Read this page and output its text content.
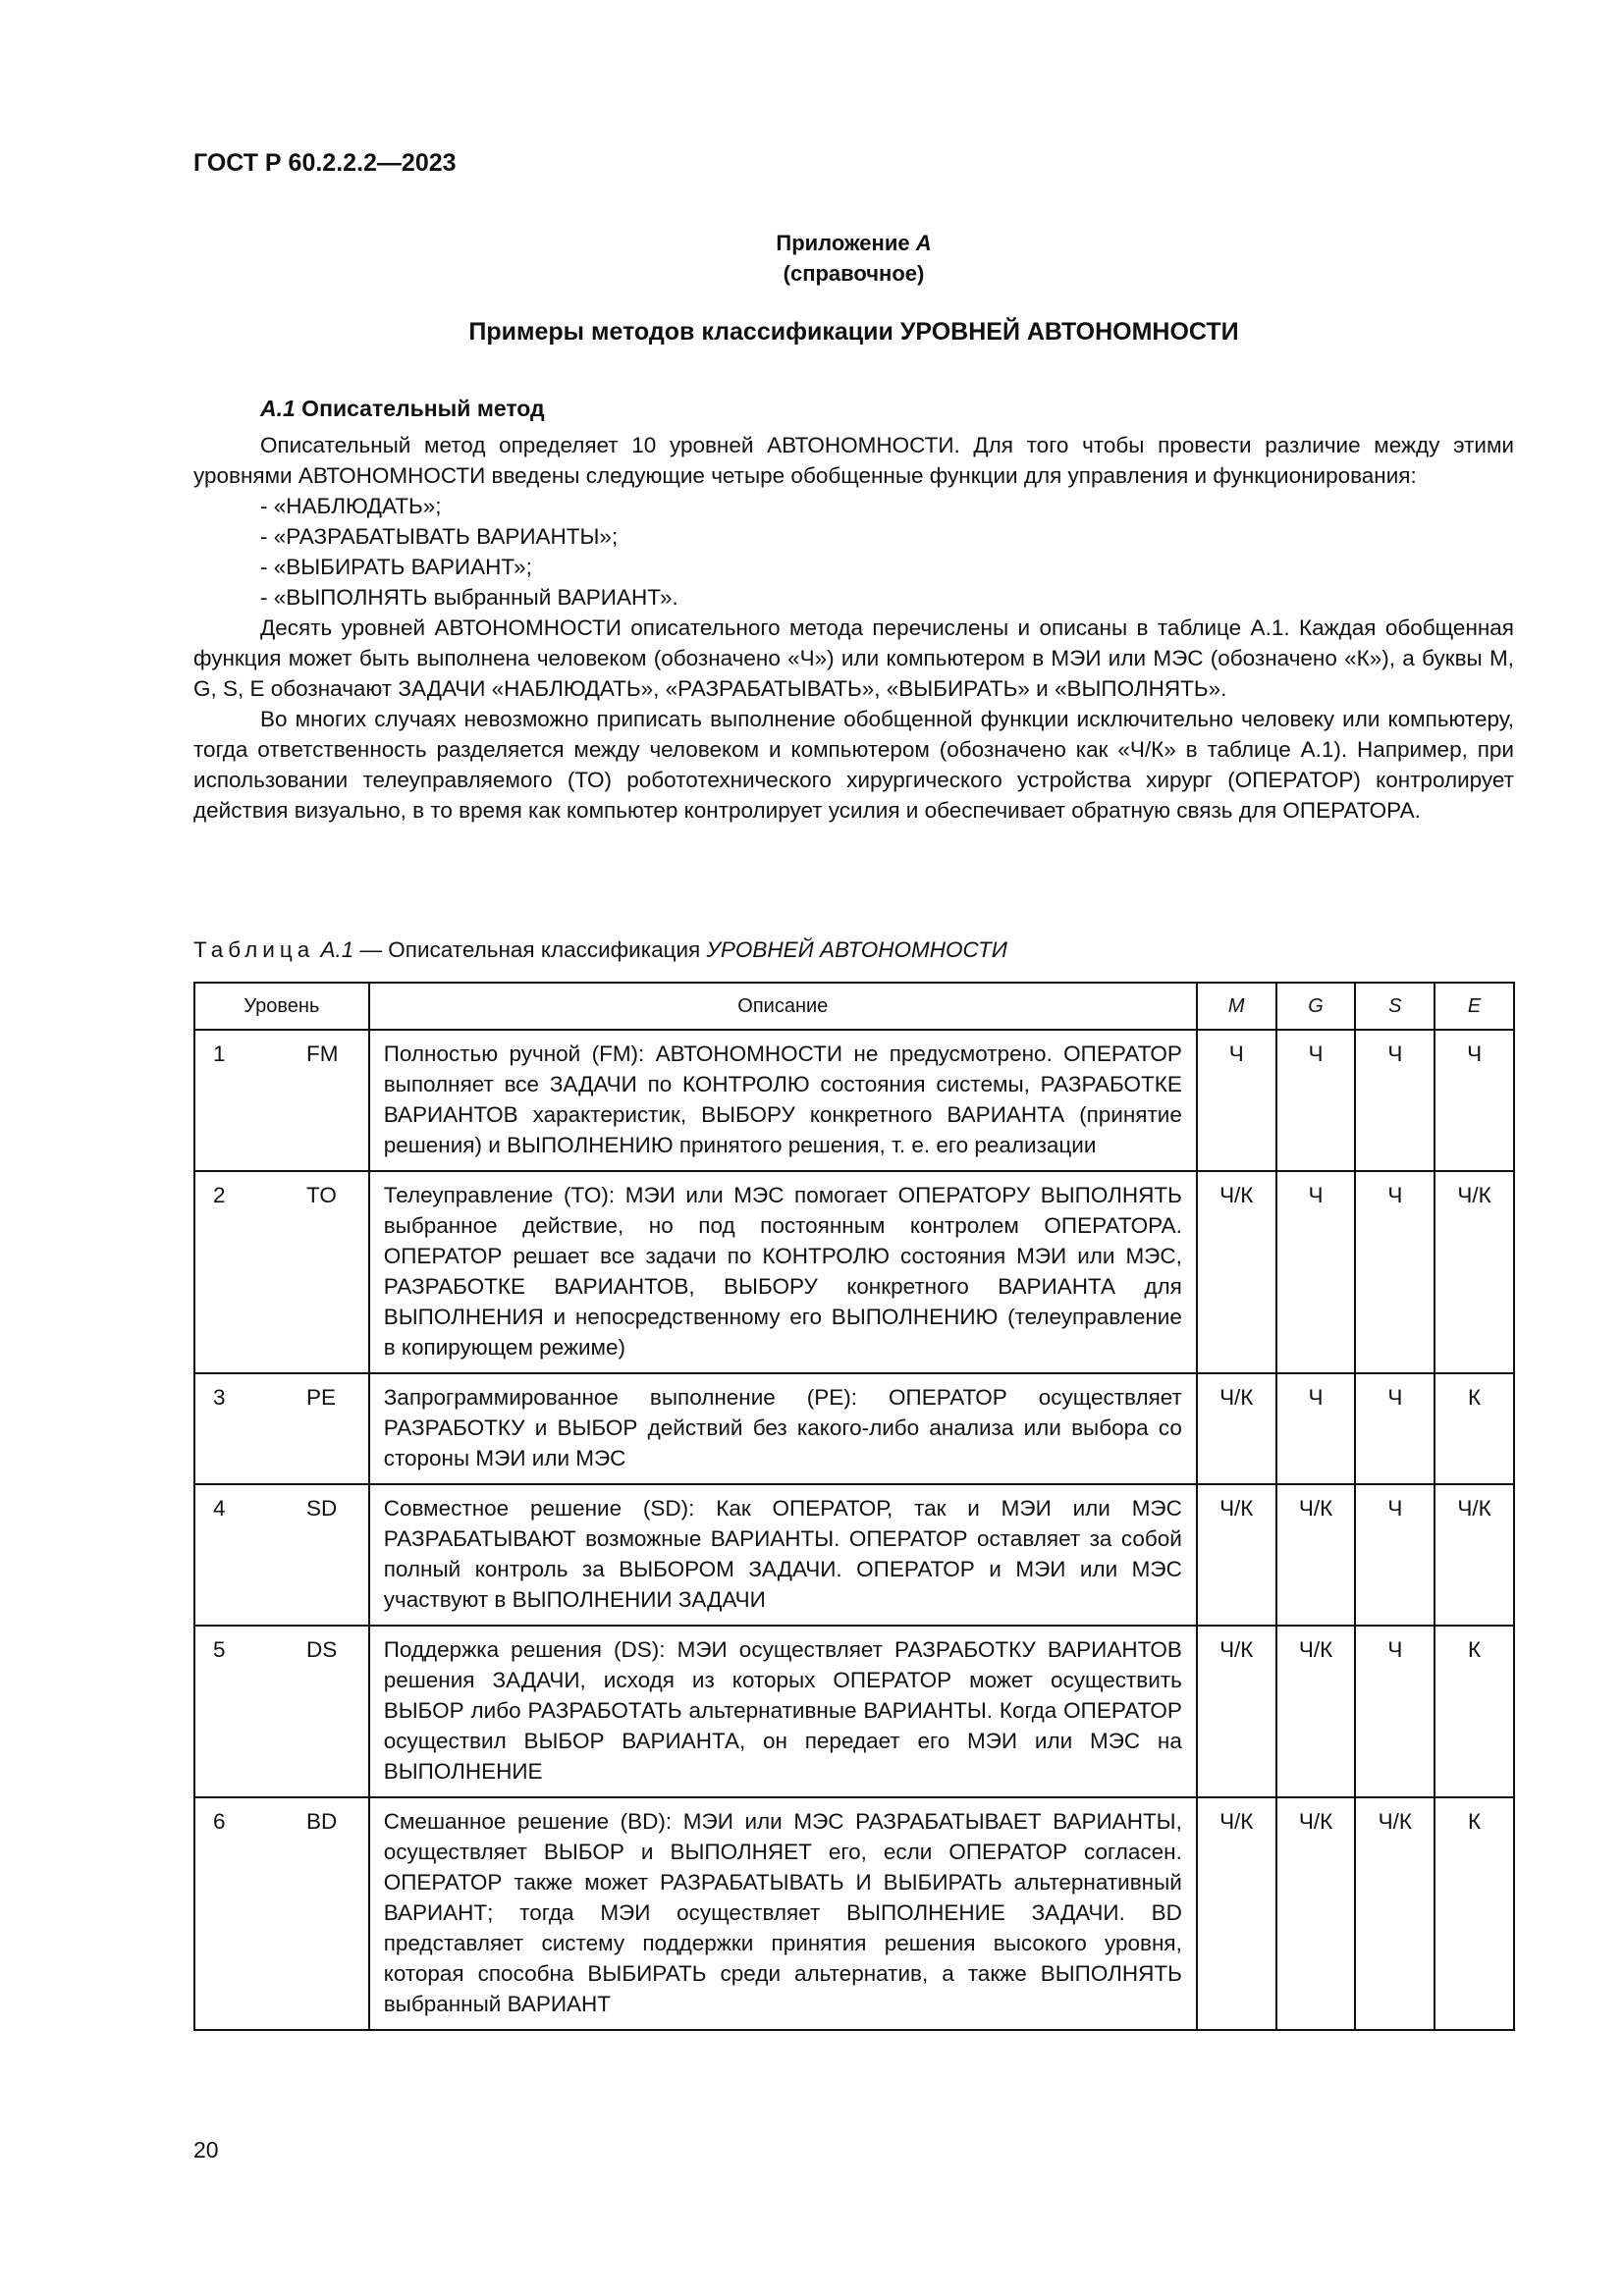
ГОСТ Р 60.2.2.2—2023
Приложение А
(справочное)
Примеры методов классификации УРОВНЕЙ АВТОНОМНОСТИ
А.1 Описательный метод

Описательный метод определяет 10 уровней АВТОНОМНОСТИ. Для того чтобы провести различие между этими уровнями АВТОНОМНОСТИ введены следующие четыре обобщенные функции для управления и функционирования:

- «НАБЛЮДАТЬ»;
- «РАЗРАБАТЫВАТЬ ВАРИАНТЫ»;
- «ВЫБИРАТЬ ВАРИАНТ»;
- «ВЫПОЛНЯТЬ выбранный ВАРИАНТ».

Десять уровней АВТОНОМНОСТИ описательного метода перечислены и описаны в таблице А.1. Каждая обобщенная функция может быть выполнена человеком (обозначено «Ч») или компьютером в МЭИ или МЭС (обозначено «К»), а буквы M, G, S, E обозначают ЗАДАЧИ «НАБЛЮДАТЬ», «РАЗРАБАТЫВАТЬ», «ВЫБИРАТЬ» и «ВЫПОЛНЯТЬ».

Во многих случаях невозможно приписать выполнение обобщенной функции исключительно человеку или компьютеру, тогда ответственность разделяется между человеком и компьютером (обозначено как «Ч/К» в таблице А.1). Например, при использовании телеуправляемого (ТО) робототехнического хирургического устройства хирург (ОПЕРАТОР) контролирует действия визуально, в то время как компьютер контролирует усилия и обеспечивает обратную связь для ОПЕРАТОРА.

Таблица А.1 — Описательная классификация УРОВНЕЙ АВТОНОМНОСТИ
Уровень	Описание	M	G	S	E
1 FM	Полностью ручной (FM): АВТОНОМНОСТИ не предусмотрено. ОПЕРАТОР выполняет все ЗАДАЧИ по КОНТРОЛЮ состояния системы, РАЗРАБОТКЕ ВАРИАНТОВ характеристик, ВЫБОРУ конкретного ВАРИАНТА (принятие решения) и ВЫПОЛНЕНИЮ принятого решения, т. е. его реализации	Ч	Ч	Ч	Ч
2 TO	Телеуправление (TO): МЭИ или МЭС помогает ОПЕРАТОРУ ВЫПОЛНЯТЬ выбранное действие, но под постоянным контролем ОПЕРАТОРА. ОПЕРАТОР решает все задачи по КОНТРОЛЮ состояния МЭИ или МЭС, РАЗРАБОТКЕ ВАРИАНТОВ, ВЫБОРУ конкретного ВАРИАНТА для ВЫПОЛНЕНИЯ и непосредственному его ВЫПОЛНЕНИЮ (телеуправление в копирующем режиме)	Ч/К	Ч	Ч	Ч/К
3 PE	Запрограммированное выполнение (PE): ОПЕРАТОР осуществляет РАЗРАБОТКУ и ВЫБОР действий без какого-либо анализа или выбора со стороны МЭИ или МЭС	Ч/К	Ч	Ч	К
4 SD	Совместное решение (SD): Как ОПЕРАТОР, так и МЭИ или МЭС РАЗРАБАТЫВАЮТ возможные ВАРИАНТЫ. ОПЕРАТОР оставляет за собой полный контроль за ВЫБОРОМ ЗАДАЧИ. ОПЕРАТОР и МЭИ или МЭС участвуют в ВЫПОЛНЕНИИ ЗАДАЧИ	Ч/К	Ч/К	Ч	Ч/К
5 DS	Поддержка решения (DS): МЭИ осуществляет РАЗРАБОТКУ ВАРИАНТОВ решения ЗАДАЧИ, исходя из которых ОПЕРАТОР может осуществить ВЫБОР либо РАЗРАБОТАТЬ альтернативные ВАРИАНТЫ. Когда ОПЕРАТОР осуществил ВЫБОР ВАРИАНТА, он передает его МЭИ или МЭС на ВЫПОЛНЕНИЕ	Ч/К	Ч/К	Ч	К
6 BD	Смешанное решение (BD): МЭИ или МЭС РАЗРАБАТЫВАЕТ ВАРИАНТЫ, осуществляет ВЫБОР и ВЫПОЛНЯЕТ его, если ОПЕРАТОР согласен. ОПЕРАТОР также может РАЗРАБАТЫВАТЬ И ВЫБИРАТЬ альтернативный ВАРИАНТ; тогда МЭИ осуществляет ВЫПОЛНЕНИЕ ЗАДАЧИ. BD представляет систему поддержки принятия решения высокого уровня, которая способна ВЫБИРАТЬ среди альтернатив, а также ВЫПОЛНЯТЬ выбранный ВАРИАНТ	Ч/К	Ч/К	Ч/К	К
20
